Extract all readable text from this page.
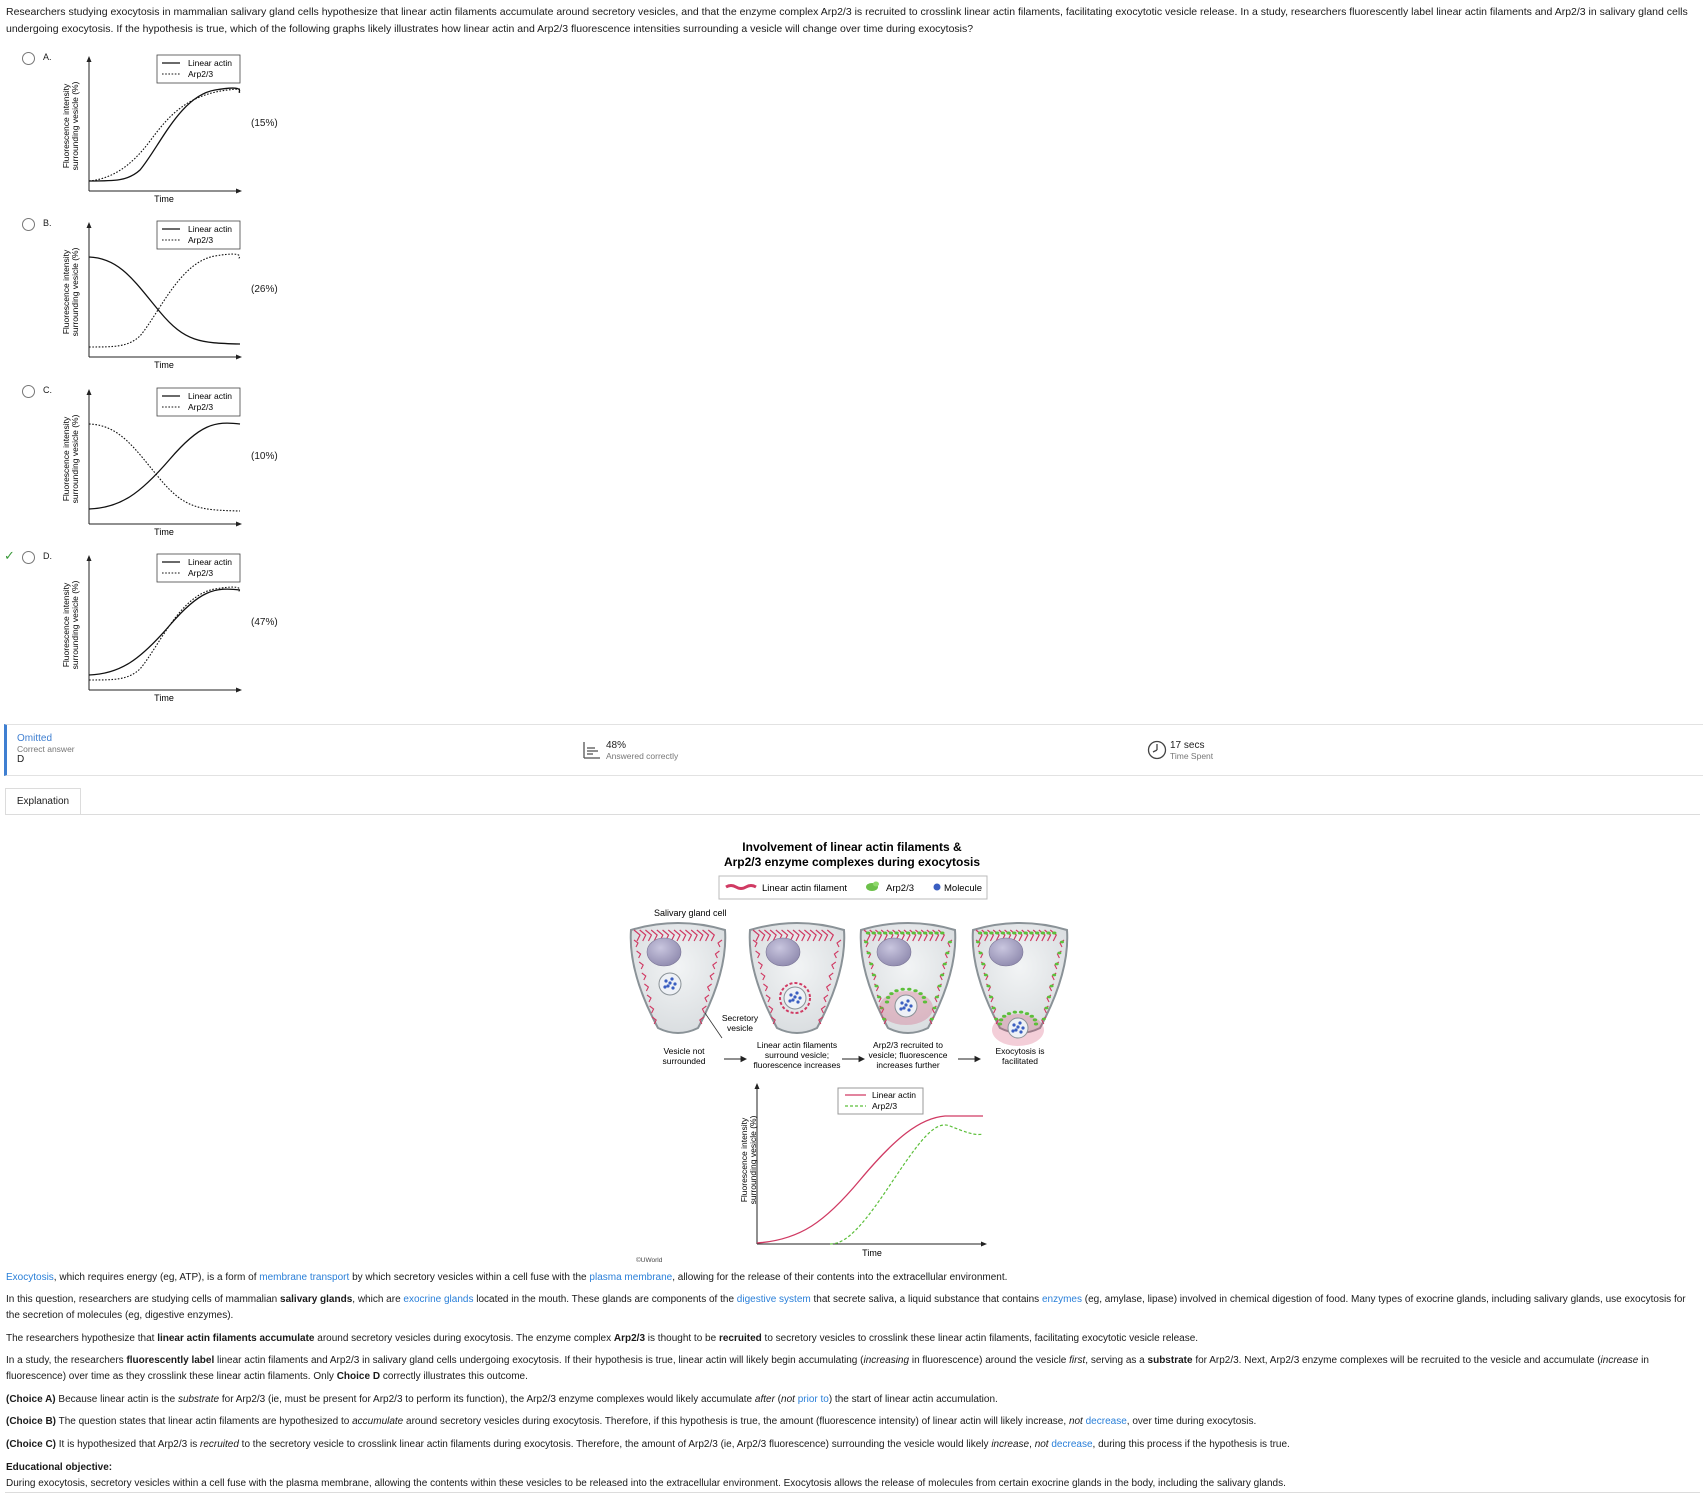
Researchers studying exocytosis in mammalian salivary gland cells hypothesize that linear actin filaments accumulate around secretory vesicles, and that the enzyme complex Arp2/3 is recruited to crosslink linear actin filaments, facilitating exocytotic vesicle release. In a study, researchers fluorescently label linear actin filaments and Arp2/3 in salivary gland cells undergoing exocytosis. If the hypothesis is true, which of the following graphs likely illustrates how linear actin and Arp2/3 fluorescence intensities surrounding a vesicle will change over time during exocytosis?
A.
(15%)
Linear actin
Arp2/3
Fluorescence intensity surrounding vesicle (%)
Time
B.
(26%)
Linear actin
Arp2/3
Fluorescence intensity surrounding vesicle (%)
Time
C.
(10%)
Linear actin
Arp2/3
Fluorescence intensity surrounding vesicle (%)
Time
✓	D.
(47%)
Linear actin
Arp2/3
Fluorescence intensity surrounding vesicle (%)
Time
Omitted
Correct answer
D
48%
Answered correctly
17 secs
Time Spent
Explanation
Involvement of linear actin filaments &
Arp2/3 enzyme complexes during exocytosis
Linear actin filament	Arp2/3	Molecule
Salivary gland cell
Secretory
vesicle
Vesicle not
surrounded
Linear actin filaments
surround vesicle;
fluorescence increases
Arp2/3 recruited to
vesicle; fluorescence
increases further
Exocytosis is
facilitated
Linear actin
Arp2/3
Fluorescence intensity surrounding vesicle (%)
Time
©UWorld
Exocytosis, which requires energy (eg, ATP), is a form of membrane transport by which secretory vesicles within a cell fuse with the plasma membrane, allowing for the release of their contents into the extracellular environment.
In this question, researchers are studying cells of mammalian salivary glands, which are exocrine glands located in the mouth. These glands are components of the digestive system that secrete saliva, a liquid substance that contains enzymes (eg, amylase, lipase) involved in chemical digestion of food. Many types of exocrine glands, including salivary glands, use exocytosis for the secretion of molecules (eg, digestive enzymes).
The researchers hypothesize that linear actin filaments accumulate around secretory vesicles during exocytosis. The enzyme complex Arp2/3 is thought to be recruited to secretory vesicles to crosslink these linear actin filaments, facilitating exocytotic vesicle release.
In a study, the researchers fluorescently label linear actin filaments and Arp2/3 in salivary gland cells undergoing exocytosis. If their hypothesis is true, linear actin will likely begin accumulating (increasing in fluorescence) around the vesicle first, serving as a substrate for Arp2/3. Next, Arp2/3 enzyme complexes will be recruited to the vesicle and accumulate (increase in fluorescence) over time as they crosslink these linear actin filaments. Only Choice D correctly illustrates this outcome.
(Choice A) Because linear actin is the substrate for Arp2/3 (ie, must be present for Arp2/3 to perform its function), the Arp2/3 enzyme complexes would likely accumulate after (not prior to) the start of linear actin accumulation.
(Choice B) The question states that linear actin filaments are hypothesized to accumulate around secretory vesicles during exocytosis. Therefore, if this hypothesis is true, the amount (fluorescence intensity) of linear actin will likely increase, not decrease, over time during exocytosis.
(Choice C) It is hypothesized that Arp2/3 is recruited to the secretory vesicle to crosslink linear actin filaments during exocytosis. Therefore, the amount of Arp2/3 (ie, Arp2/3 fluorescence) surrounding the vesicle would likely increase, not decrease, during this process if the hypothesis is true.
Educational objective:
During exocytosis, secretory vesicles within a cell fuse with the plasma membrane, allowing the contents within these vesicles to be released into the extracellular environment. Exocytosis allows the release of molecules from certain exocrine glands in the body, including the salivary glands.
